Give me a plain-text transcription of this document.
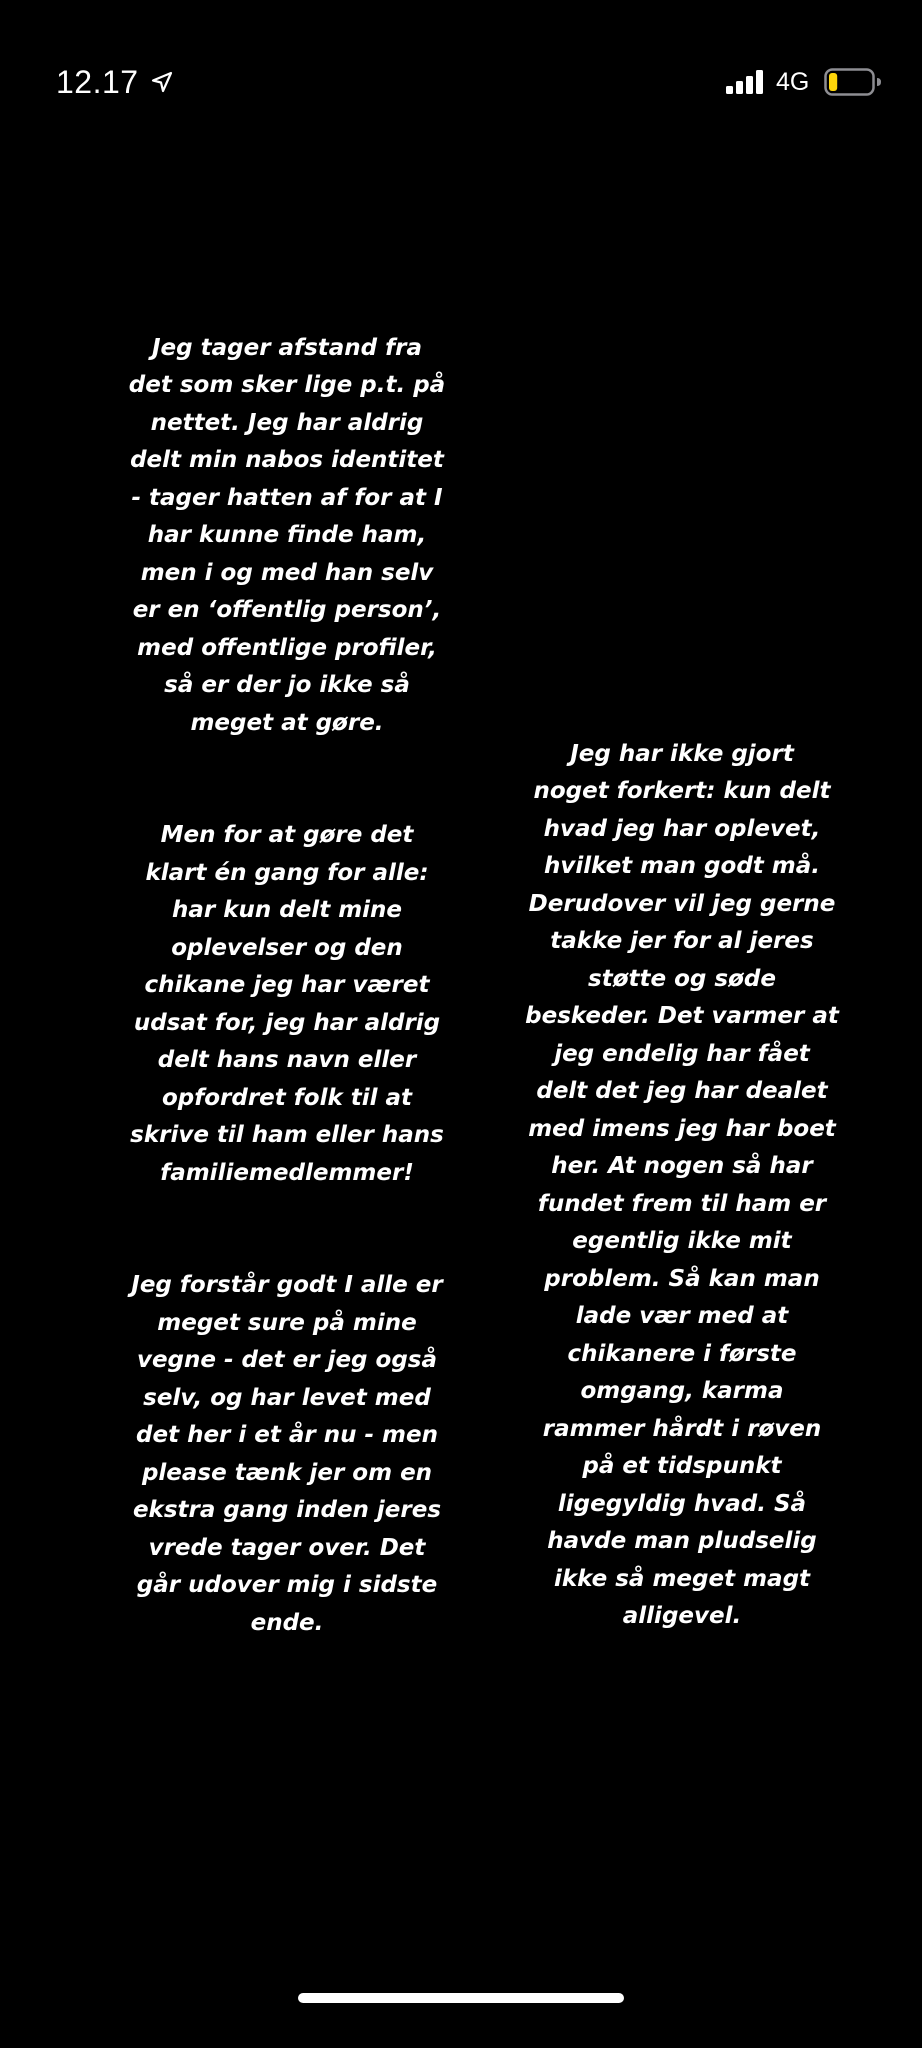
12.17	4G

Jeg tager afstand fra
det som sker lige p.t. på
nettet. Jeg har aldrig
delt min nabos identitet
- tager hatten af for at I
har kunne finde ham,
men i og med han selv
er en ‘offentlig person’,
med offentlige profiler,
så er der jo ikke så
meget at gøre.

Men for at gøre det
klart én gang for alle:
har kun delt mine
oplevelser og den
chikane jeg har været
udsat for, jeg har aldrig
delt hans navn eller
opfordret folk til at
skrive til ham eller hans
familiemedlemmer!

Jeg forstår godt I alle er
meget sure på mine
vegne - det er jeg også
selv, og har levet med
det her i et år nu - men
please tænk jer om en
ekstra gang inden jeres
vrede tager over. Det
går udover mig i sidste
ende.

Jeg har ikke gjort
noget forkert: kun delt
hvad jeg har oplevet,
hvilket man godt må.
Derudover vil jeg gerne
takke jer for al jeres
støtte og søde
beskeder. Det varmer at
jeg endelig har fået
delt det jeg har dealet
med imens jeg har boet
her. At nogen så har
fundet frem til ham er
egentlig ikke mit
problem. Så kan man
lade vær med at
chikanere i første
omgang, karma
rammer hårdt i røven
på et tidspunkt
ligegyldig hvad. Så
havde man pludselig
ikke så meget magt
alligevel.
